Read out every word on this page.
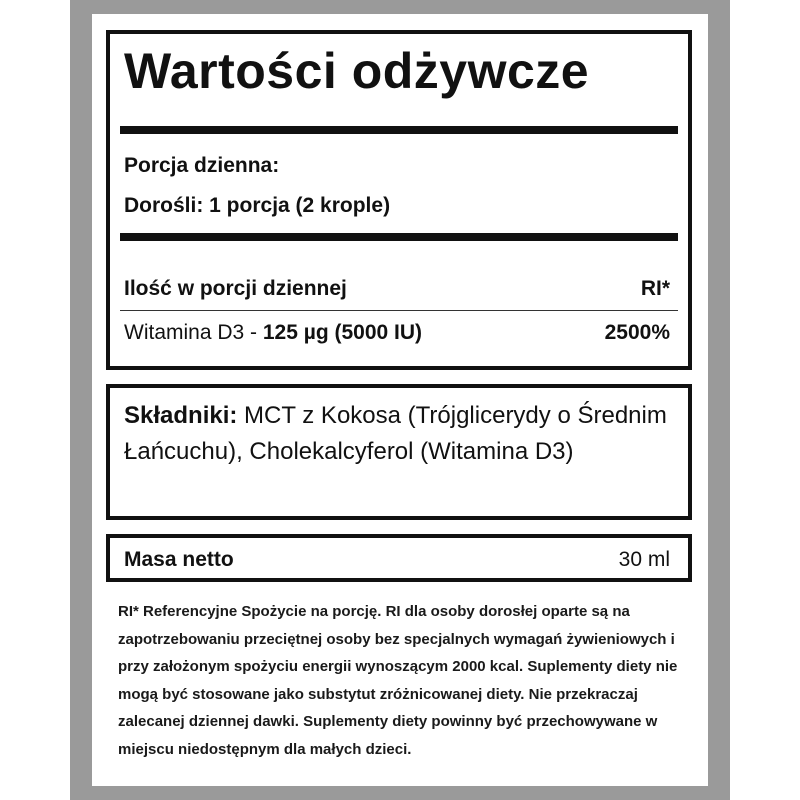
Wartości odżywcze
Porcja dzienna:
Dorośli: 1 porcja (2 krople)
Ilość w porcji dziennej	RI*
Witamina D3 - 125 µg (5000 IU)	2500%
Składniki: MCT z Kokosa (Trójglicerydy o Średnim Łańcuchu), Cholekalcyferol (Witamina D3)
Masa netto	30 ml
RI* Referencyjne Spożycie na porcję. RI dla osoby dorosłej oparte są na zapotrzebowaniu przeciętnej osoby bez specjalnych wymagań żywieniowych i przy założonym spożyciu energii wynoszącym 2000 kcal. Suplementy diety nie mogą być stosowane jako substytut zróżnicowanej diety. Nie przekraczaj zalecanej dziennej dawki. Suplementy diety powinny być przechowywane w miejscu niedostępnym dla małych dzieci.
